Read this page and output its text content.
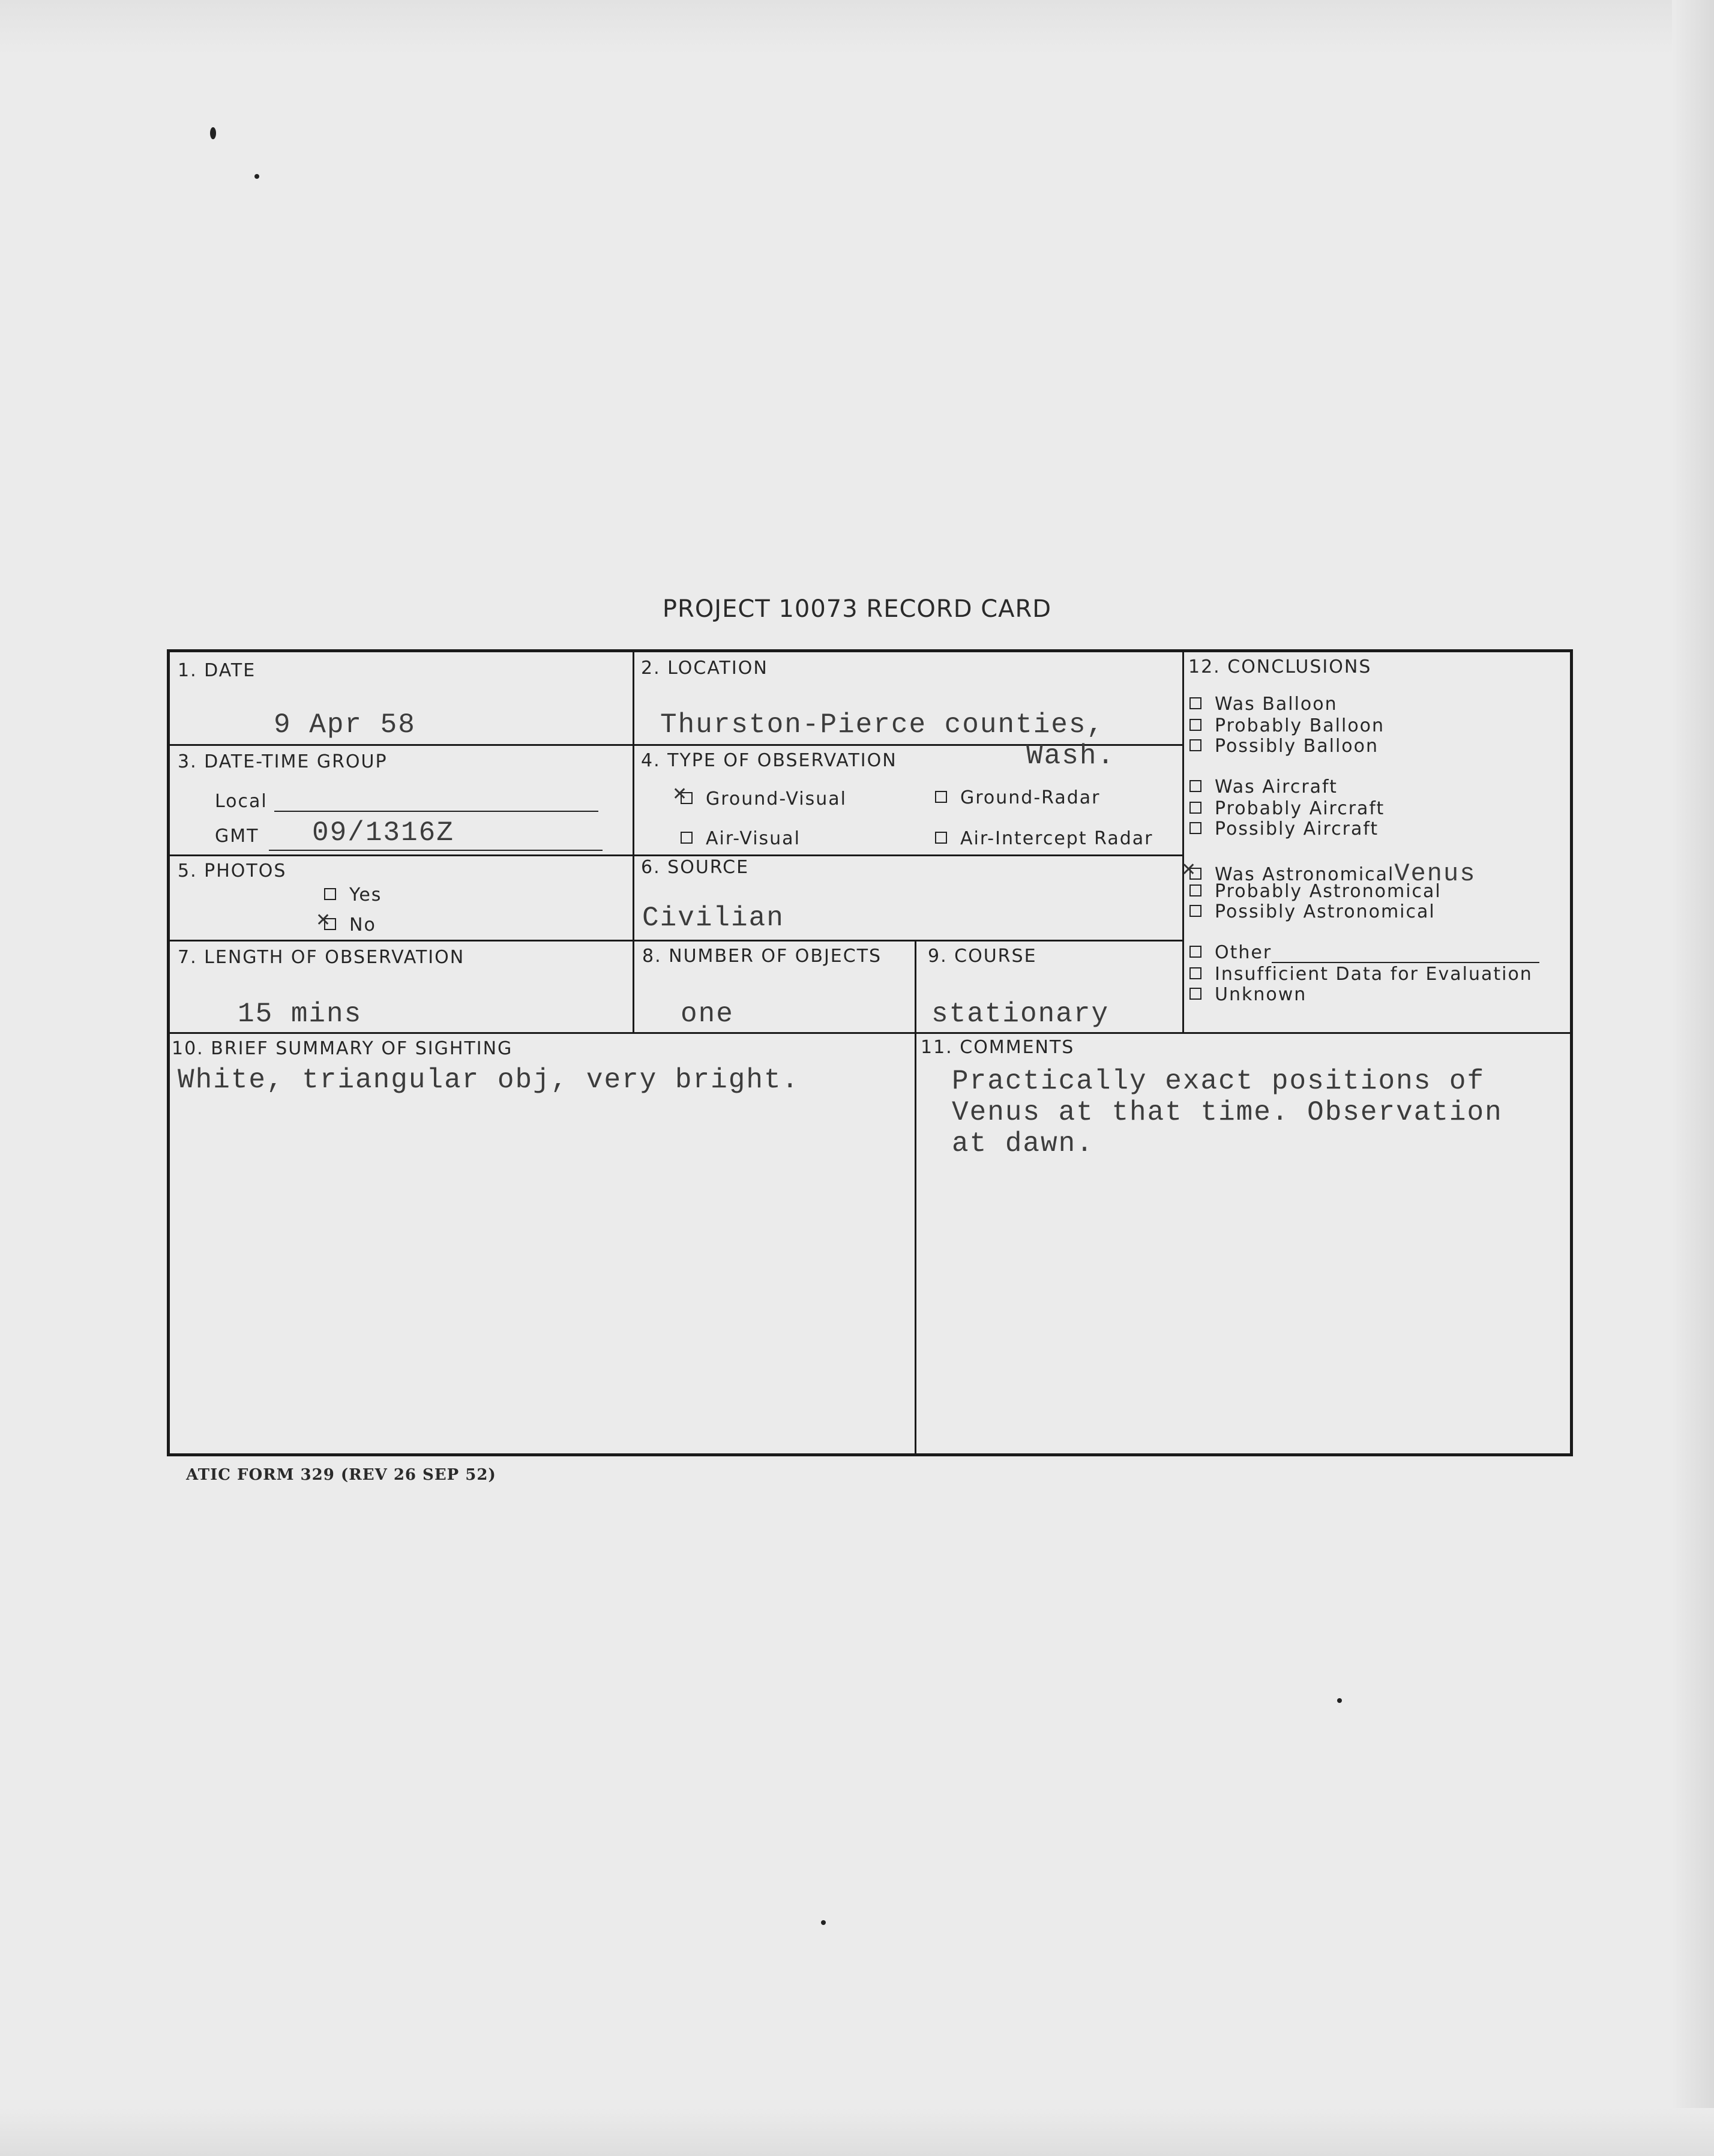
PROJECT 10073 RECORD CARD
1. DATE
9 Apr 58
2. LOCATION
Thurston-Pierce counties,
Wash.
3. DATE-TIME GROUP
Local
GMT 09/1316Z
4. TYPE OF OBSERVATION
✕Ground-Visual	Ground-Radar
Air-Visual	Air-Intercept Radar
5. PHOTOS
Yes
✕No
6. SOURCE
Civilian
7. LENGTH OF OBSERVATION
15 mins
8. NUMBER OF OBJECTS
one
9. COURSE
stationary
10. BRIEF SUMMARY OF SIGHTING
White, triangular obj, very bright.
11. COMMENTS
Practically exact positions of
Venus at that time. Observation
at dawn.
12. CONCLUSIONS
Was Balloon
Probably Balloon
Possibly Balloon
Was Aircraft
Probably Aircraft
Possibly Aircraft
✕Was AstronomicalVenus
Probably Astronomical
Possibly Astronomical
Other
Insufficient Data for Evaluation
Unknown
ATIC FORM 329 (REV 26 SEP 52)
